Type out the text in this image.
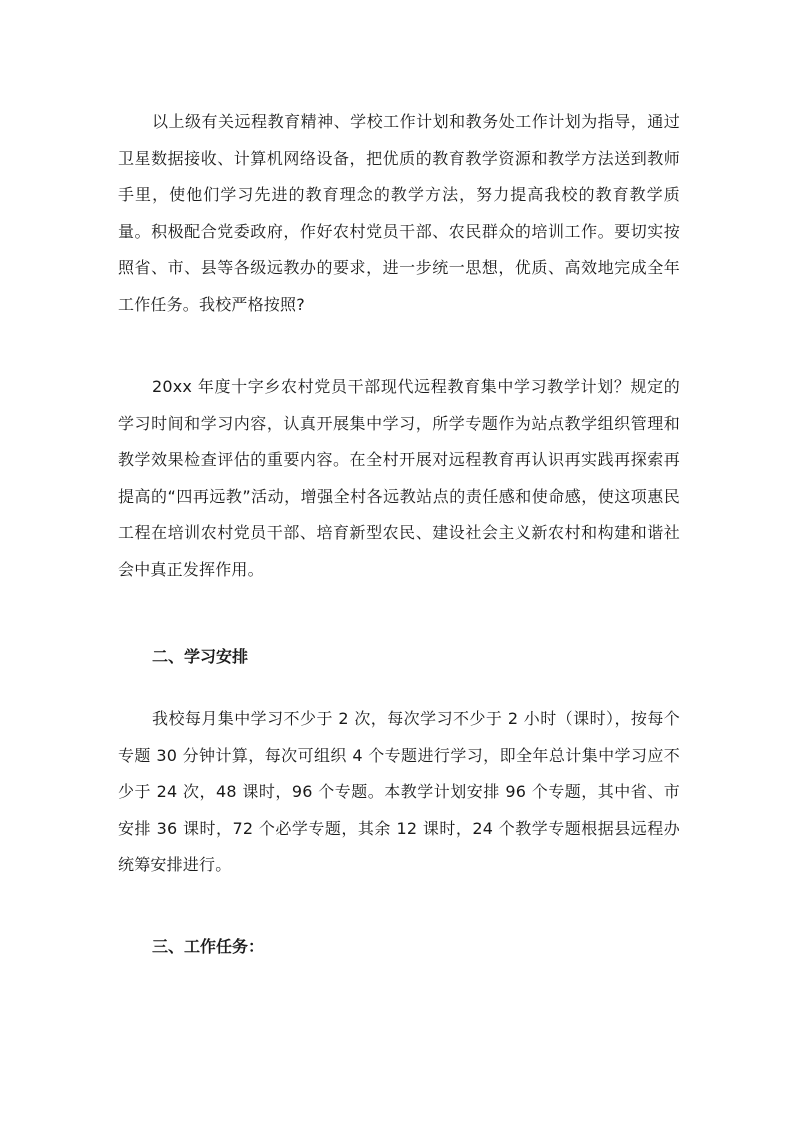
以上级有关远程教育精神、学校工作计划和教务处工作计划为指导，通过卫星数据接收、计算机网络设备，把优质的教育教学资源和教学方法送到教师手里，使他们学习先进的教育理念的教学方法，努力提高我校的教育教学质量。积极配合党委政府，作好农村党员干部、农民群众的培训工作。要切实按照省、市、县等各级远教办的要求，进一步统一思想，优质、高效地完成全年工作任务。我校严格按照?

20xx 年度十字乡农村党员干部现代远程教育集中学习教学计划？规定的学习时间和学习内容，认真开展集中学习，所学专题作为站点教学组织管理和教学效果检查评估的重要内容。在全村开展对远程教育再认识再实践再探索再提高的“四再远教”活动，增强全村各远教站点的责任感和使命感，使这项惠民工程在培训农村党员干部、培育新型农民、建设社会主义新农村和构建和谐社会中真正发挥作用。

二、学习安排

我校每月集中学习不少于 2 次，每次学习不少于 2 小时（课时），按每个专题 30 分钟计算，每次可组织 4 个专题进行学习，即全年总计集中学习应不少于 24 次，48 课时，96 个专题。本教学计划安排 96 个专题，其中省、市安排 36 课时，72 个必学专题，其余 12 课时，24 个教学专题根据县远程办统筹安排进行。

三、工作任务：
